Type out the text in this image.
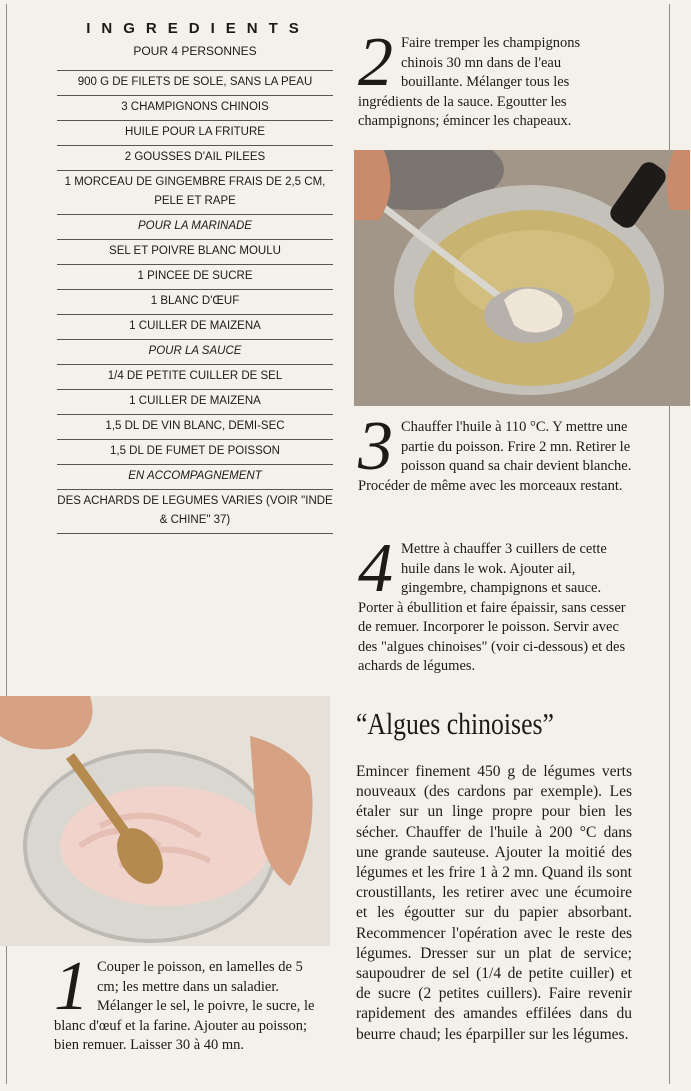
INGREDIENTS
POUR 4 PERSONNES
900 G DE FILETS DE SOLE, SANS LA PEAU
3 CHAMPIGNONS CHINOIS
HUILE POUR LA FRITURE
2 GOUSSES D'AIL PILEES
1 MORCEAU DE GINGEMBRE FRAIS DE 2,5 CM, PELE ET RAPE
POUR LA MARINADE
SEL ET POIVRE BLANC MOULU
1 PINCEE DE SUCRE
1 BLANC D'ŒUF
1 CUILLER DE MAIZENA
POUR LA SAUCE
1/4 DE PETITE CUILLER DE SEL
1 CUILLER DE MAIZENA
1,5 DL DE VIN BLANC, DEMI-SEC
1,5 DL DE FUMET DE POISSON
EN ACCOMPAGNEMENT
DES ACHARDS DE LEGUMES VARIES (VOIR "INDE & CHINE" 37)
2 Faire tremper les champignons chinois 30 mn dans de l'eau bouillante. Mélanger tous les ingrédients de la sauce. Egoutter les champignons; émincer les chapeaux.
3 Chauffer l'huile à 110 °C. Y mettre une partie du poisson. Frire 2 mn. Retirer le poisson quand sa chair devient blanche. Procéder de même avec les morceaux restant.
4 Mettre à chauffer 3 cuillers de cette huile dans le wok. Ajouter ail, gingembre, champignons et sauce. Porter à ébullition et faire épaissir, sans cesser de remuer. Incorporer le poisson. Servir avec des "algues chinoises" (voir ci-dessous) et des achards de légumes.
1 Couper le poisson, en lamelles de 5 cm; les mettre dans un saladier. Mélanger le sel, le poivre, le sucre, le blanc d'œuf et la farine. Ajouter au poisson; bien remuer. Laisser 30 à 40 mn.
“Algues chinoises”

Emincer finement 450 g de légumes verts nouveaux (des cardons par exemple). Les étaler sur un linge propre pour bien les sécher. Chauffer de l'huile à 200 °C dans une grande sauteuse. Ajouter la moitié des légumes et les frire 1 à 2 mn. Quand ils sont croustillants, les retirer avec une écumoire et les égoutter sur du papier absorbant. Recommencer l'opération avec le reste des légumes. Dresser sur un plat de service; saupoudrer de sel (1/4 de petite cuiller) et de sucre (2 petites cuillers). Faire revenir rapidement des amandes effilées dans du beurre chaud; les éparpiller sur les légumes.
